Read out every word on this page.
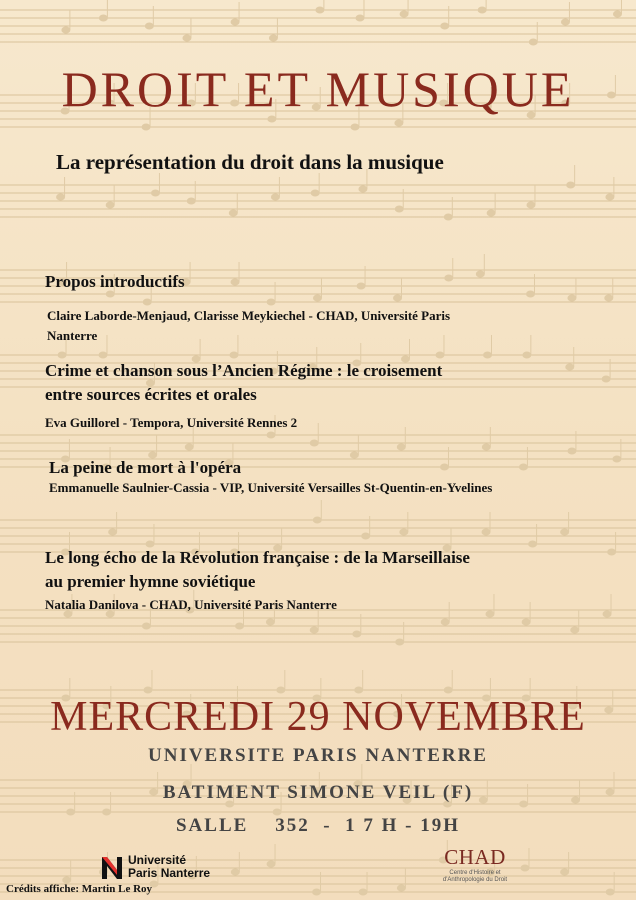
DROIT ET MUSIQUE
La représentation du droit dans la musique
Propos introductifs
Claire Laborde-Menjaud, Clarisse Meykiechel - CHAD, Université Paris
Nanterre
Crime et chanson sous l’Ancien Régime : le croisement
entre sources écrites et orales
Eva Guillorel - Tempora, Université Rennes 2
La peine de mort à l'opéra
Emmanuelle Saulnier-Cassia - VIP, Université Versailles St-Quentin-en-Yvelines
Le long écho de la Révolution française : de la Marseillaise
au premier hymne soviétique
Natalia Danilova - CHAD, Université Paris Nanterre
MERCREDI 29 NOVEMBRE
UNIVERSITE PARIS NANTERRE
BATIMENT SIMONE VEIL (F)
SALLE    352  -  1 7 H - 19H
Université
Paris Nanterre
CHAD
Centre d'Histoire et
d'Anthropologie du Droit
Crédits affiche: Martin Le Roy
